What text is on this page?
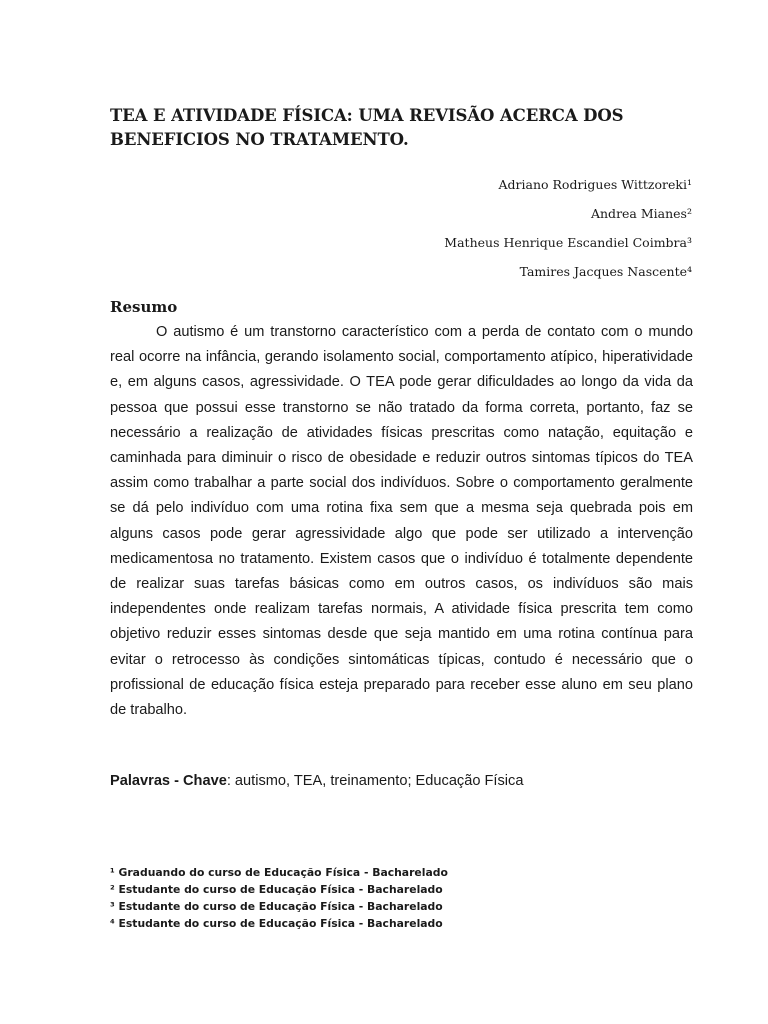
TEA E ATIVIDADE FÍSICA: UMA REVISÃO ACERCA DOS
BENEFICIOS NO TRATAMENTO.
Adriano Rodrigues Wittzoreki¹
Andrea Mianes²
Matheus Henrique Escandiel Coimbra³
Tamires Jacques Nascente⁴
Resumo

O autismo é um transtorno característico com a perda de contato com o mundo real ocorre na infância, gerando isolamento social, comportamento atípico, hiperatividade e, em alguns casos, agressividade. O TEA pode gerar dificuldades ao longo da vida da pessoa que possui esse transtorno se não tratado da forma correta, portanto, faz se necessário a realização de atividades físicas prescritas como natação, equitação e caminhada para diminuir o risco de obesidade e reduzir outros sintomas típicos do TEA assim como trabalhar a parte social dos indivíduos. Sobre o comportamento geralmente se dá pelo indivíduo com uma rotina fixa sem que a mesma seja quebrada pois em alguns casos pode gerar agressividade algo que pode ser utilizado a intervenção medicamentosa no tratamento. Existem casos que o indivíduo é totalmente dependente de realizar suas tarefas básicas como em outros casos, os indivíduos são mais independentes onde realizam tarefas normais, A atividade física prescrita tem como objetivo reduzir esses sintomas desde que seja mantido em uma rotina contínua para evitar o retrocesso às condições sintomáticas típicas, contudo é necessário que o profissional de educação física esteja preparado para receber esse aluno em seu plano de trabalho.

Palavras - Chave: autismo, TEA, treinamento; Educação Física

¹ Graduando do curso de Educação Física - Bacharelado
² Estudante do curso de Educação Física - Bacharelado
³ Estudante do curso de Educação Física - Bacharelado
⁴ Estudante do curso de Educação Física - Bacharelado
